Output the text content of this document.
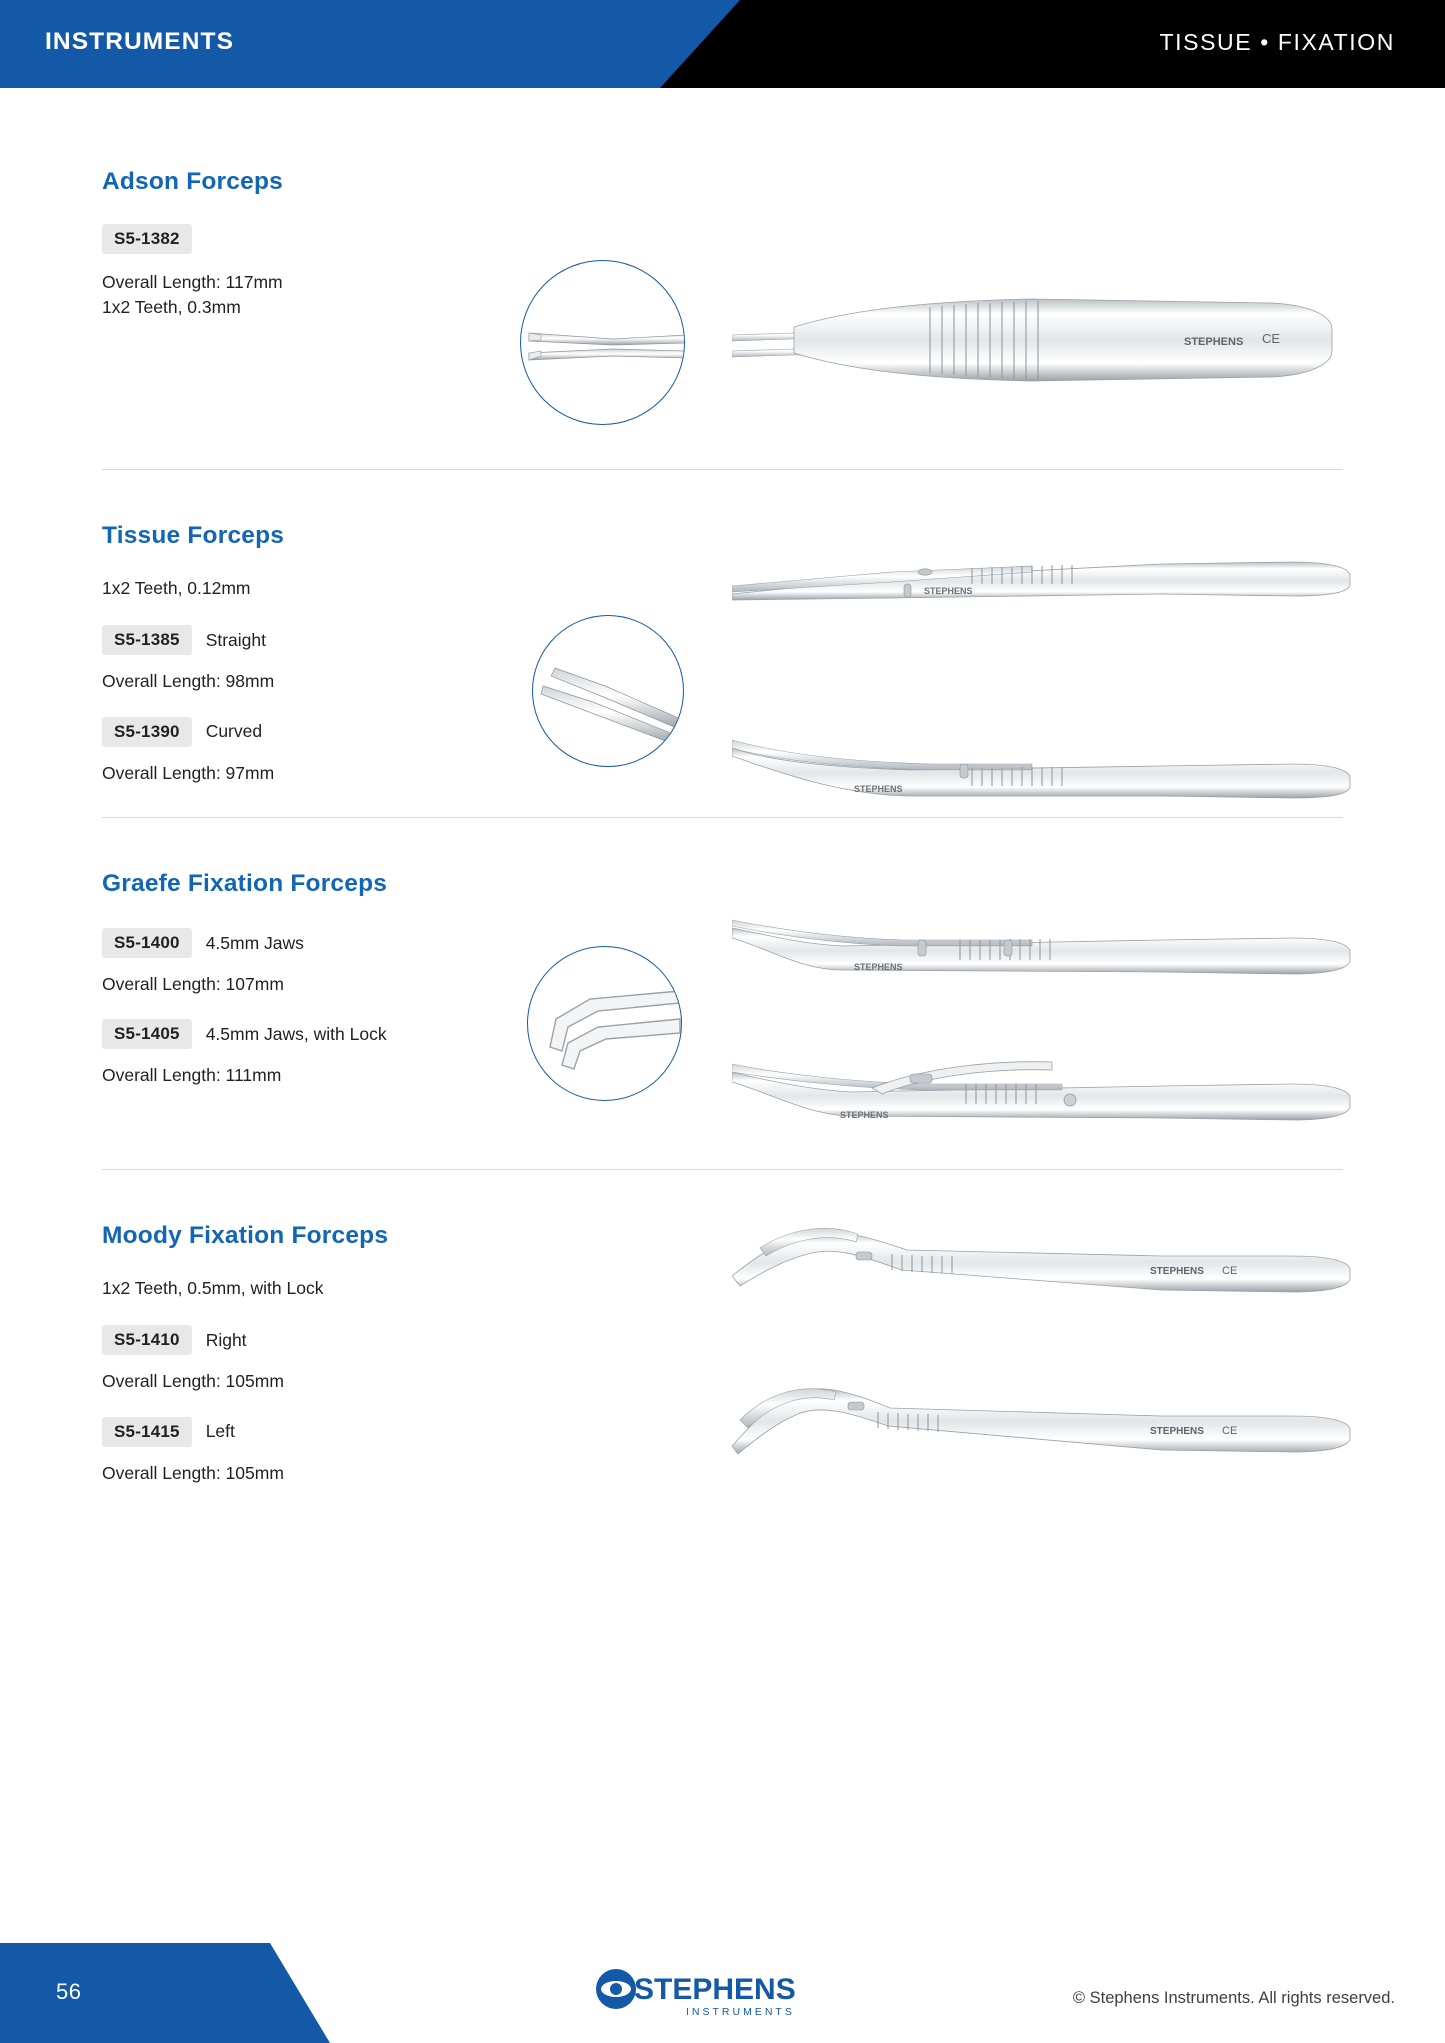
INSTRUMENTS	TISSUE • FIXATION
Adson Forceps
S5-1382
Overall Length: 117mm
1x2 Teeth, 0.3mm
STEPHENS CE
Tissue Forceps
1x2 Teeth, 0.12mm
S5-1385	Straight
Overall Length: 98mm
S5-1390	Curved
Overall Length: 97mm
STEPHENS
STEPHENS
Graefe Fixation Forceps
S5-1400	4.5mm Jaws
Overall Length: 107mm
S5-1405	4.5mm Jaws, with Lock
Overall Length: 111mm
STEPHENS
STEPHENS
Moody Fixation Forceps
1x2 Teeth, 0.5mm, with Lock
S5-1410	Right
Overall Length: 105mm
S5-1415	Left
Overall Length: 105mm
STEPHENS CE
STEPHENS CE
56	STEPHENS
INSTRUMENTS
© Stephens Instruments. All rights reserved.
